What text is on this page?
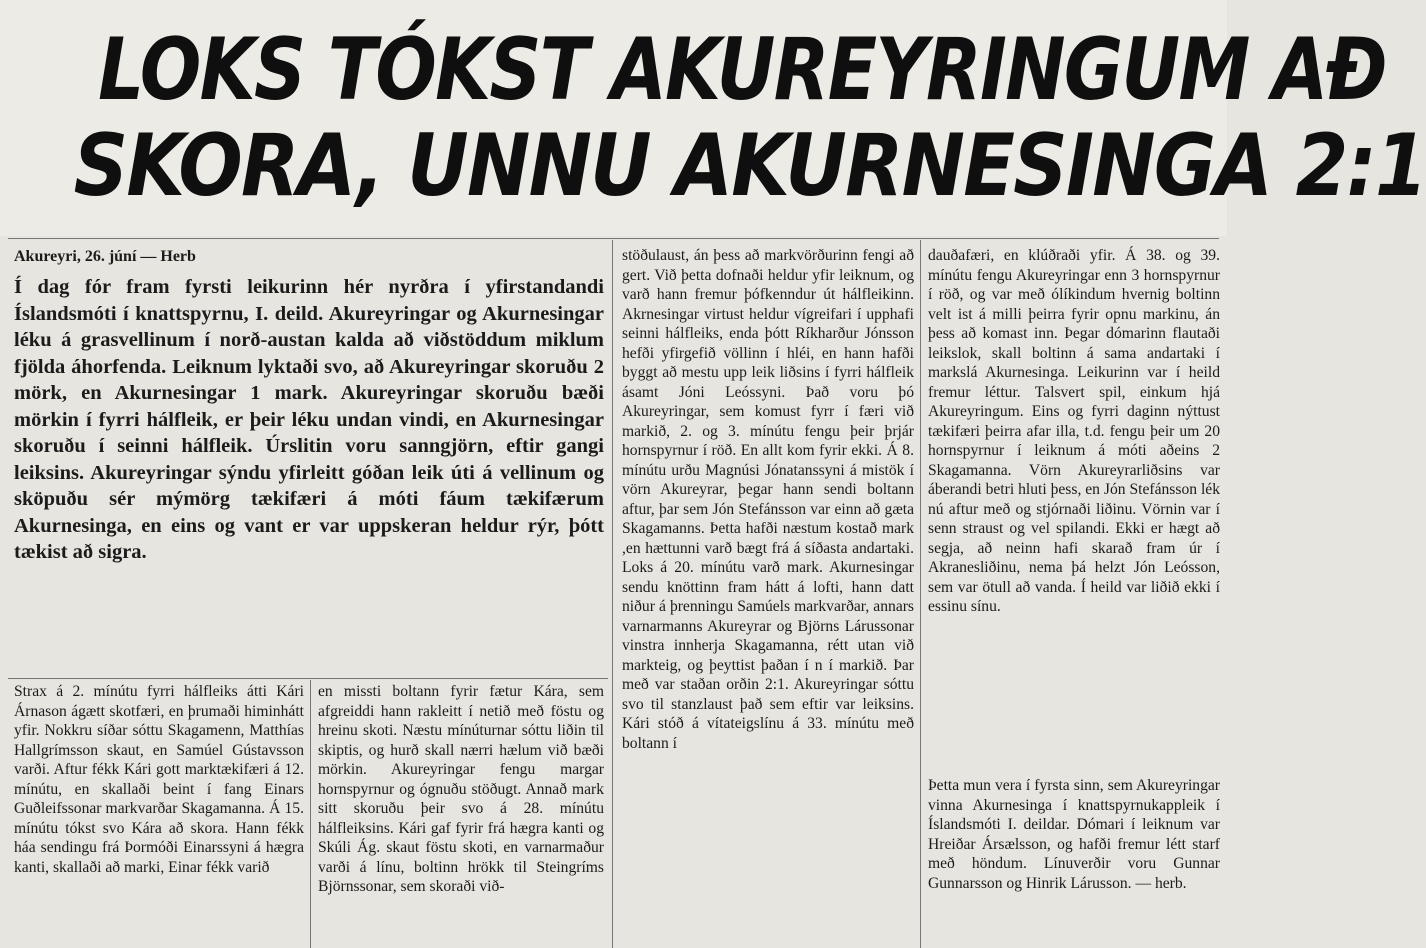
LOKS TÓKST AKUREYRINGUM AÐ
SKORA, UNNU AKURNESINGA 2:1
Akureyri, 26. júní — Herb
Í dag fór fram fyrsti leikurinn hér nyrðra í yfirstandandi Íslandsmóti í knattspyrnu, I. deild. Akureyringar og Akurnesingar léku á grasvellinum í norð-austan kalda að viðstöddum miklum fjölda áhorfenda. Leiknum lyktaði svo, að Akureyringar skoruðu 2 mörk, en Akurnesingar 1 mark. Akureyringar skoruðu bæði mörkin í fyrri hálfleik, er þeir léku undan vindi, en Akurnesingar skoruðu í seinni hálfleik. Úrslitin voru sanngjörn, eftir gangi leiksins. Akureyringar sýndu yfirleitt góðan leik úti á vellinum og sköpuðu sér mýmörg tækifæri á móti fáum tækifærum Akurnesinga, en eins og vant er var uppskeran heldur rýr, þótt tækist að sigra.

Strax á 2. mínútu fyrri hálfleiks átti Kári Árnason ágætt skotfæri, en þrumaði himinhátt yfir. Nokkru síðar sóttu Skagamenn, Matthías Hallgrímsson skaut, en Samúel Gústavsson varði. Aftur fékk Kári gott marktækifæri á 12. mínútu, en skallaði beint í fang Einars Guðleifssonar markvarðar Skagamanna. Á 15. mínútu tókst svo Kára að skora. Hann fékk háa sendingu frá Þormóði Einarssyni á hægra kanti, skallaði að marki, Einar fékk varið

en missti boltann fyrir fætur Kára, sem afgreiddi hann rakleitt í netið með föstu og hreinu skoti. Næstu mínúturnar sóttu liðin til skiptis, og hurð skall nærri hælum við bæði mörkin. Akureyringar fengu margar hornspyrnur og ógnuðu stöðugt. Annað mark sitt skoruðu þeir svo á 28. mínútu hálfleiksins. Kári gaf fyrir frá hægra kanti og Skúli Ág. skaut föstu skoti, en varnarmaður varði á línu, boltinn hrökk til Steingríms Björnssonar, sem skoraði við-

stöðulaust, án þess að markvörðurinn fengi að gert. Við þetta dofnaði heldur yfir leiknum, og varð hann fremur þófkenndur út hálfleikinn. Akrnesingar virtust heldur vígreifari í upphafi seinni hálfleiks, enda þótt Ríkharður Jónsson hefði yfirgefið völlinn í hléi, en hann hafði byggt að mestu upp leik liðsins í fyrri hálfleik ásamt Jóni Leóssyni. Það voru þó Akureyringar, sem komust fyrr í færi við markið, 2. og 3. mínútu fengu þeir þrjár hornspyrnur í röð. En allt kom fyrir ekki. Á 8. mínútu urðu Magnúsi Jónatanssyni á mistök í vörn Akureyrar, þegar hann sendi boltann aftur, þar sem Jón Stefánsson var einn að gæta Skagamanns. Þetta hafði næstum kostað mark ,en hættunni varð bægt frá á síðasta andartaki. Loks á 20. mínútu varð mark. Akurnesingar sendu knöttinn fram hátt á lofti, hann datt niður á þrenningu Samúels markvarðar, annars varnarmanns Akureyrar og Björns Lárussonar vinstra innherja Skagamanna, rétt utan við markteig, og þeyttist þaðan í n í markið. Þar með var staðan orðin 2:1. Akureyringar sóttu svo til stanzlaust það sem eftir var leiksins. Kári stóð á vítateigslínu á 33. mínútu með boltann í

dauðafæri, en klúðraði yfir. Á 38. og 39. mínútu fengu Akureyringar enn 3 hornspyrnur í röð, og var með ólíkindum hvernig boltinn velt ist á milli þeirra fyrir opnu markinu, án þess að komast inn. Þegar dómarinn flautaði leikslok, skall boltinn á sama andartaki í markslá Akurnesinga. Leikurinn var í heild fremur léttur. Talsvert spil, einkum hjá Akureyringum. Eins og fyrri daginn nýttust tækifæri þeirra afar illa, t.d. fengu þeir um 20 hornspyrnur í leiknum á móti aðeins 2 Skagamanna. Vörn Akureyrarliðsins var áberandi betri hluti þess, en Jón Stefánsson lék nú aftur með og stjórnaði liðinu. Vörnin var í senn straust og vel spilandi. Ekki er hægt að segja, að neinn hafi skarað fram úr í Akranesliðinu, nema þá helzt Jón Leósson, sem var ötull að vanda. Í heild var liðið ekki í essinu sínu.

Þetta mun vera í fyrsta sinn, sem Akureyringar vinna Akurnesinga í knattspyrnukappleik í Íslandsmóti I. deildar. Dómari í leiknum var Hreiðar Ársælsson, og hafði fremur létt starf með höndum. Línuverðir voru Gunnar Gunnarsson og Hinrik Lárusson. — herb.
